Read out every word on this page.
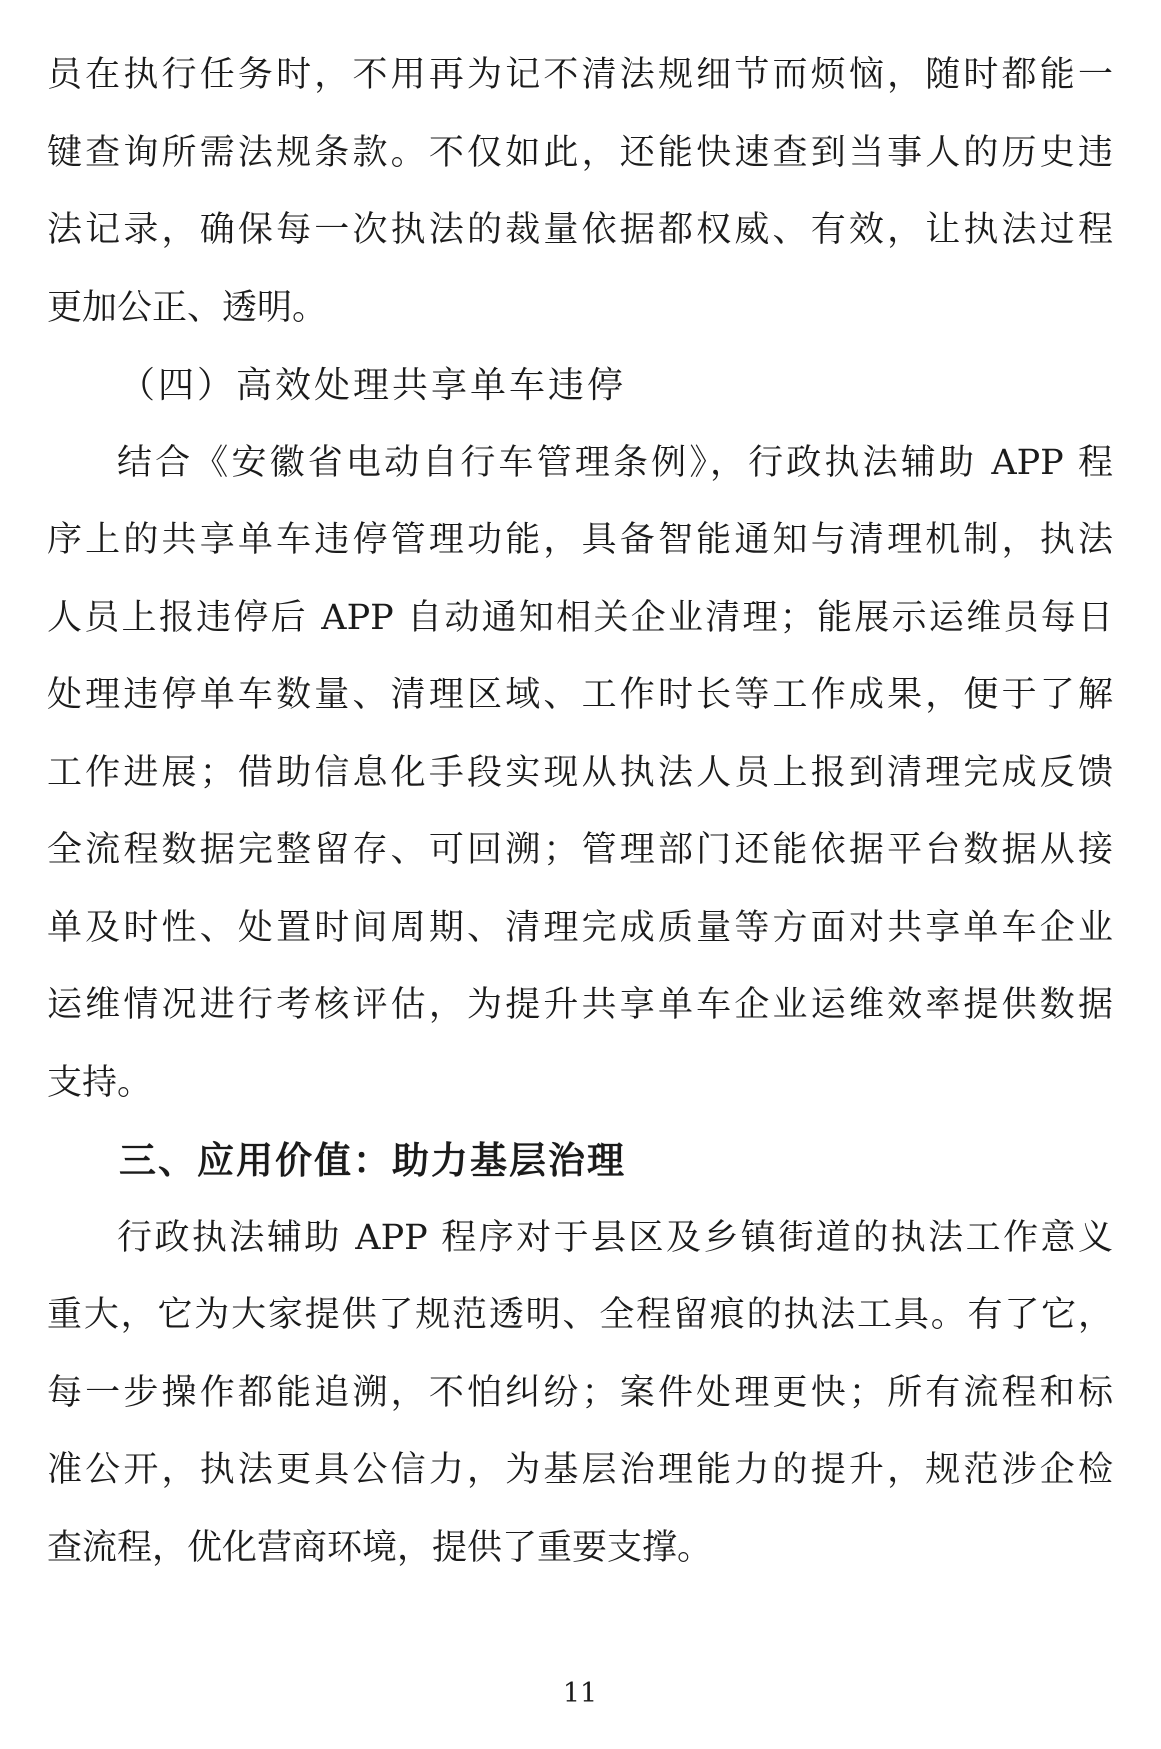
员在执行任务时，不用再为记不清法规细节而烦恼，随时都能一
键查询所需法规条款。不仅如此，还能快速查到当事人的历史违
法记录，确保每一次执法的裁量依据都权威、有效，让执法过程
更加公正、透明。
（四）高效处理共享单车违停
结合《安徽省电动自行车管理条例》，行政执法辅助 APP 程
序上的共享单车违停管理功能，具备智能通知与清理机制，执法
人员上报违停后 APP 自动通知相关企业清理；能展示运维员每日
处理违停单车数量、清理区域、工作时长等工作成果，便于了解
工作进展；借助信息化手段实现从执法人员上报到清理完成反馈
全流程数据完整留存、可回溯；管理部门还能依据平台数据从接
单及时性、处置时间周期、清理完成质量等方面对共享单车企业
运维情况进行考核评估，为提升共享单车企业运维效率提供数据
支持。
三、应用价值：助力基层治理
行政执法辅助 APP 程序对于县区及乡镇街道的执法工作意义
重大，它为大家提供了规范透明、全程留痕的执法工具。有了它，
每一步操作都能追溯，不怕纠纷；案件处理更快；所有流程和标
准公开，执法更具公信力，为基层治理能力的提升，规范涉企检
查流程，优化营商环境，提供了重要支撑。
11
